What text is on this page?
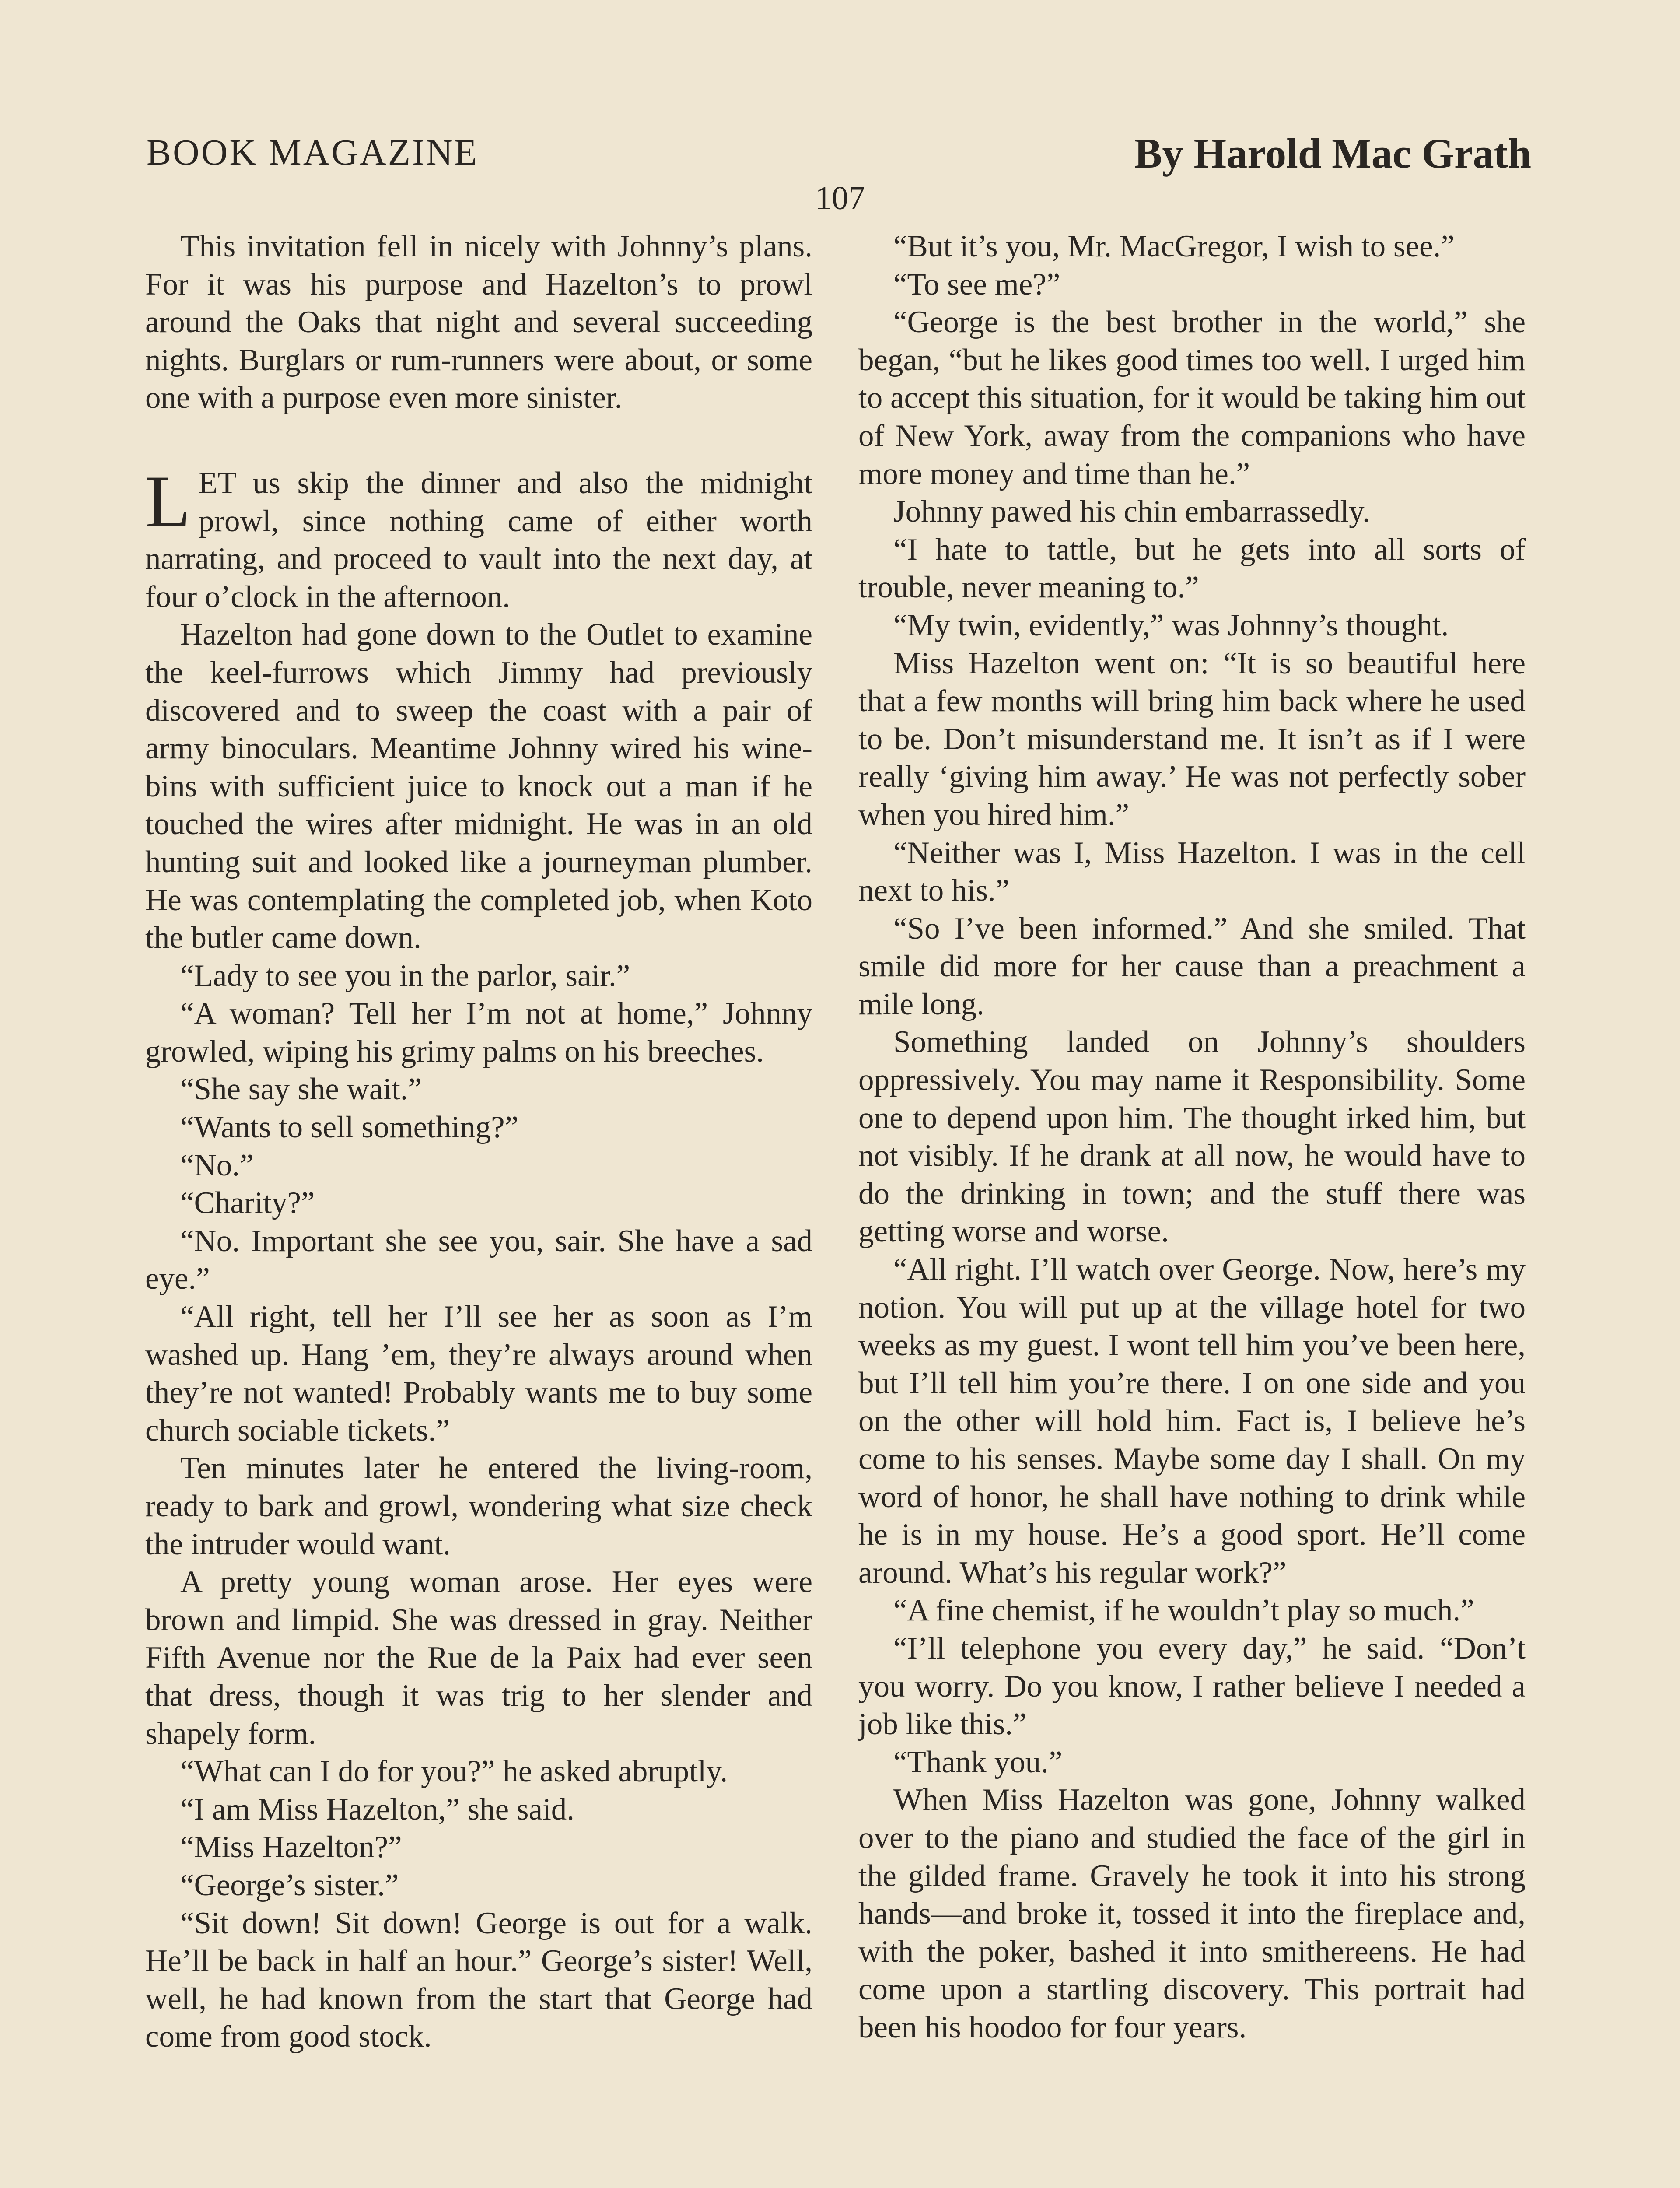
BOOK MAGAZINE	By Harold Mac Grath
107

This invitation fell in nicely with Johnny’s plans. For it was his purpose and Hazelton’s to prowl around the Oaks that night and several succeeding nights. Burglars or rum-runners were about, or some one with a purpose even more sinister.

LET us skip the dinner and also the midnight prowl, since nothing came of either worth narrating, and proceed to vault into the next day, at four o’clock in the afternoon.

Hazelton had gone down to the Outlet to examine the keel-furrows which Jimmy had previously discovered and to sweep the coast with a pair of army binoculars. Meantime Johnny wired his wine-bins with sufficient juice to knock out a man if he touched the wires after midnight. He was in an old hunting suit and looked like a journeyman plumber. He was contemplating the completed job, when Koto the butler came down.

“Lady to see you in the parlor, sair.”

“A woman? Tell her I’m not at home,” Johnny growled, wiping his grimy palms on his breeches.

“She say she wait.”

“Wants to sell something?”

“No.”

“Charity?”

“No. Important she see you, sair. She have a sad eye.”

“All right, tell her I’ll see her as soon as I’m washed up. Hang ’em, they’re always around when they’re not wanted! Probably wants me to buy some church sociable tickets.”

Ten minutes later he entered the living-room, ready to bark and growl, wondering what size check the intruder would want.

A pretty young woman arose. Her eyes were brown and limpid. She was dressed in gray. Neither Fifth Avenue nor the Rue de la Paix had ever seen that dress, though it was trig to her slender and shapely form.

“What can I do for you?” he asked abruptly.

“I am Miss Hazelton,” she said.

“Miss Hazelton?”

“George’s sister.”

“Sit down! Sit down! George is out for a walk. He’ll be back in half an hour.” George’s sister! Well, well, he had known from the start that George had come from good stock.

“But it’s you, Mr. MacGregor, I wish to see.”

“To see me?”

“George is the best brother in the world,” she began, “but he likes good times too well. I urged him to accept this situation, for it would be taking him out of New York, away from the companions who have more money and time than he.”

Johnny pawed his chin embarrassedly.

“I hate to tattle, but he gets into all sorts of trouble, never meaning to.”

“My twin, evidently,” was Johnny’s thought.

Miss Hazelton went on: “It is so beautiful here that a few months will bring him back where he used to be. Don’t misunderstand me. It isn’t as if I were really ‘giving him away.’ He was not perfectly sober when you hired him.”

“Neither was I, Miss Hazelton. I was in the cell next to his.”

“So I’ve been informed.” And she smiled. That smile did more for her cause than a preachment a mile long.

Something landed on Johnny’s shoulders oppressively. You may name it Responsibility. Some one to depend upon him. The thought irked him, but not visibly. If he drank at all now, he would have to do the drinking in town; and the stuff there was getting worse and worse.

“All right. I’ll watch over George. Now, here’s my notion. You will put up at the village hotel for two weeks as my guest. I wont tell him you’ve been here, but I’ll tell him you’re there. I on one side and you on the other will hold him. Fact is, I believe he’s come to his senses. Maybe some day I shall. On my word of honor, he shall have nothing to drink while he is in my house. He’s a good sport. He’ll come around. What’s his regular work?”

“A fine chemist, if he wouldn’t play so much.”

“I’ll telephone you every day,” he said. “Don’t you worry. Do you know, I rather believe I needed a job like this.”

“Thank you.”

When Miss Hazelton was gone, Johnny walked over to the piano and studied the face of the girl in the gilded frame. Gravely he took it into his strong hands—and broke it, tossed it into the fireplace and, with the poker, bashed it into smithereens. He had come upon a startling discovery. This portrait had been his hoodoo for four years.
